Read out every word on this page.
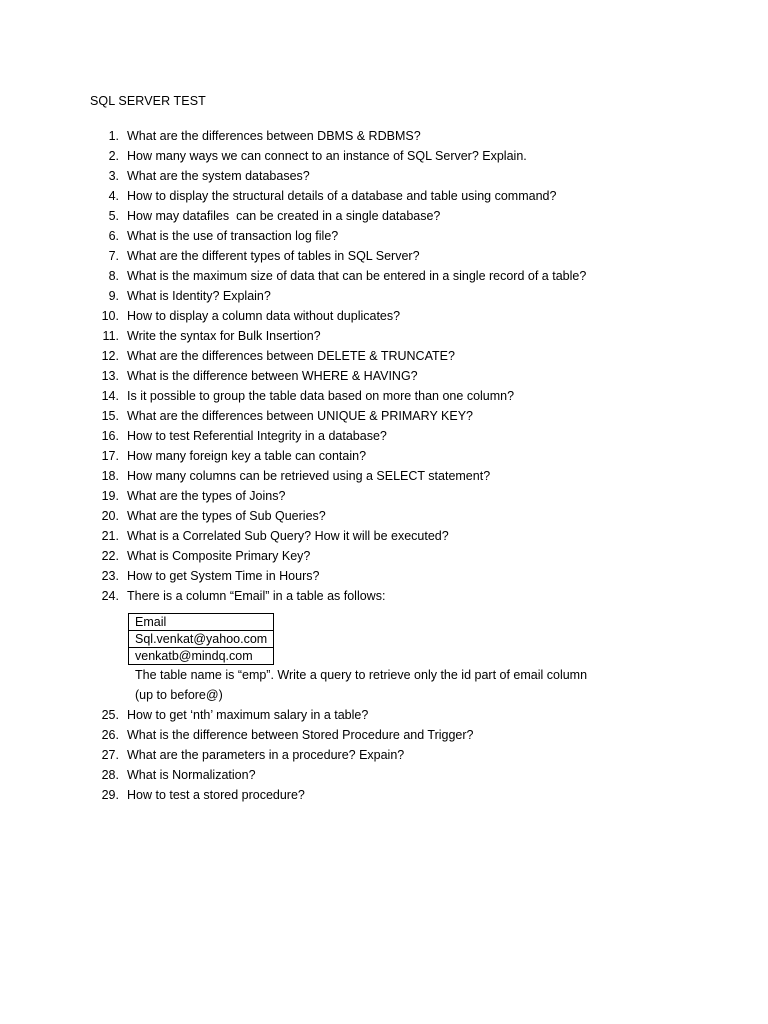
SQL SERVER TEST
1. What are the differences between DBMS & RDBMS?
2. How many ways we can connect to an instance of SQL Server? Explain.
3. What are the system databases?
4. How to display the structural details of a database and table using command?
5. How may datafiles  can be created in a single database?
6. What is the use of transaction log file?
7. What are the different types of tables in SQL Server?
8. What is the maximum size of data that can be entered in a single record of a table?
9. What is Identity? Explain?
10. How to display a column data without duplicates?
11. Write the syntax for Bulk Insertion?
12. What are the differences between DELETE & TRUNCATE?
13. What is the difference between WHERE & HAVING?
14. Is it possible to group the table data based on more than one column?
15. What are the differences between UNIQUE & PRIMARY KEY?
16. How to test Referential Integrity in a database?
17. How many foreign key a table can contain?
18. How many columns can be retrieved using a SELECT statement?
19. What are the types of Joins?
20. What are the types of Sub Queries?
21. What is a Correlated Sub Query? How it will be executed?
22. What is Composite Primary Key?
23. How to get System Time in Hours?
24. There is a column “Email” in a table as follows:
Email
Sql.venkat@yahoo.com
venkatb@mindq.com
The table name is “emp”. Write a query to retrieve only the id part of email column
(up to before@)
25. How to get ‘nth’ maximum salary in a table?
26. What is the difference between Stored Procedure and Trigger?
27. What are the parameters in a procedure? Expain?
28. What is Normalization?
29. How to test a stored procedure?
